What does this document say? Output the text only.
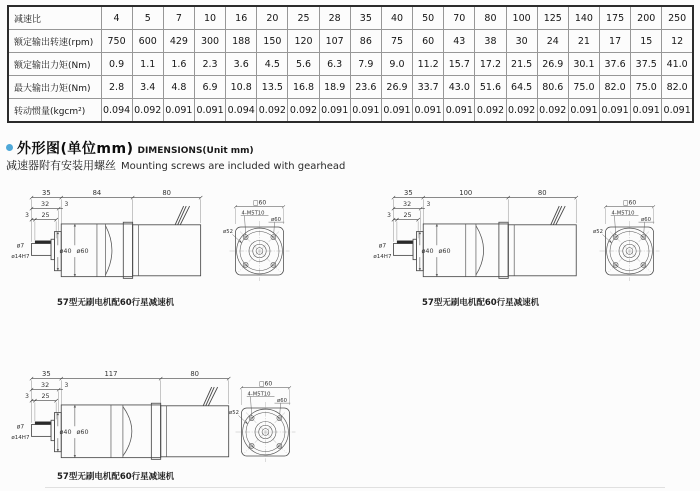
减速比	4	5	7	10	16	20	25	28	35	40	50	70	80	100	125	140	175	200	250
额定输出转速(rpm)	750	600	429	300	188	150	120	107	86	75	60	43	38	30	24	21	17	15	12
额定输出力矩(Nm)	0.9	1.1	1.6	2.3	3.6	4.5	5.6	6.3	7.9	9.0	11.2	15.7	17.2	21.5	26.9	30.1	37.6	37.5	41.0
最大输出力矩(Nm)	2.8	3.4	4.8	6.9	10.8	13.5	16.8	18.9	23.6	26.9	33.7	43.0	51.6	64.5	80.6	75.0	82.0	75.0	82.0
转动惯量(kgcm²)	0.094	0.092	0.091	0.091	0.094	0.092	0.092	0.091	0.091	0.091	0.091	0.091	0.092	0.092	0.092	0.091	0.091	0.091	0.091
外形图(单位mm) DIMENSIONS(Unit mm)
减速器附有安装用螺丝 Mounting screws are included with gearhead
35	84	80
32 3
3 25
ø40 ø60
ø7
ø14H7
□60
4-M5T10
ø60
ø52
35	100	80
32 3
3 25
ø40 ø60
ø7
ø14H7
□60
4-M5T10
ø60
ø52
35	117	80
32 3
3 25
ø40 ø60
ø7
ø14H7
□60
4-M5T10
ø60
ø52
57型无刷电机配60行星减速机	57型无刷电机配60行星减速机
57型无刷电机配60行星减速机
